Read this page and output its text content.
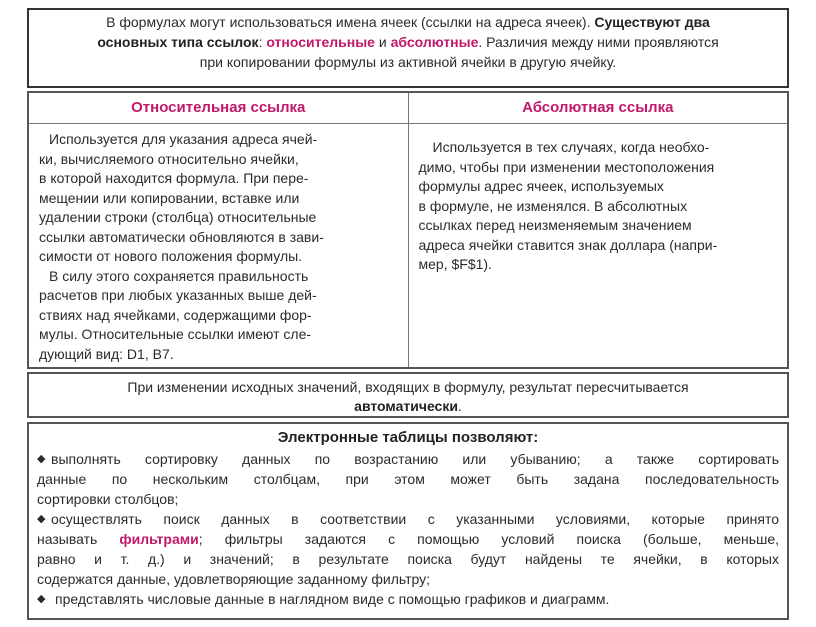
В формулах могут использоваться имена ячеек (ссылки на адреса ячеек). Существуют два
основных типа ссылок: относительные и абсолютные. Различия между ними проявляются
при копировании формулы из активной ячейки в другую ячейку.

Относительная ссылка	Абсолютная ссылка
Используется для указания адреса ячей-
ки, вычисляемого относительно ячейки,
в которой находится формула. При пере-
мещении или копировании, вставке или
удалении строки (столбца) относительные
ссылки автоматически обновляются в зави-
симости от нового положения формулы.
В силу этого сохраняется правильность
расчетов при любых указанных выше дей-
ствиях над ячейками, содержащими фор-
мулы. Относительные ссылки имеют сле-
дующий вид: D1, B7.
Используется в тех случаях, когда необхо-
димо, чтобы при изменении местоположения
формулы адрес ячеек, используемых
в формуле, не изменялся. В абсолютных
ссылках перед неизменяемым значением
адреса ячейки ставится знак доллара (напри-
мер, $F$1).
При изменении исходных значений, входящих в формулу, результат пересчитывается
автоматически.
Электронные таблицы позволяют:
◆ выполнять сортировку данных по возрастанию или убыванию; а также сортировать
данные по нескольким столбцам, при этом может быть задана последовательность
сортировки столбцов;
◆ осуществлять поиск данных в соответствии с указанными условиями, которые принято
называть фильтрами; фильтры задаются с помощью условий поиска (больше, меньше,
равно и т. д.) и значений; в результате поиска будут найдены те ячейки, в которых
содержатся данные, удовлетворяющие заданному фильтру;
◆ представлять числовые данные в наглядном виде с помощью графиков и диаграмм.
